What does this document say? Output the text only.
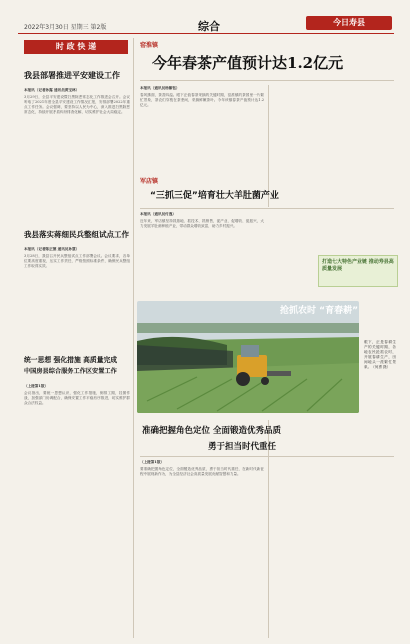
2022年3月30日 星期三 第2版	综合	今日寿县
时 政 快 递
我县部署推进平安建设工作
本报讯（记者孙露 通讯员黄宝林）
3月29日，全县平安建设暨扫黑除恶常态化工作推进会召开。会议听取了2021年度全县平安建设工作情况汇报，安排部署2022年重点工作任务。会议强调，要坚持以人民为中心，深入推进扫黑除恶常态化，持续开展矛盾纠纷排查化解，切实维护社会大局稳定。
我县落实蒋细民兵整组试点工作
本报讯（记者陈正德 通讯员孙慧）
3月28日，我县召开民兵整组试点工作部署会议。会议要求，各单位要高度重视，压实工作责任，严格按照标准条件，确保民兵整组工作取得实效。
统一思想 强化措施 高质量完成
中国房县综合服务工作区安置工作
（上接第1版）
会议指出，要统一思想认识，强化工作措施，倒排工期，挂图作战，加强部门协调配合，确保安置工作平稳有序推进，切实维护群众合法权益。
窑淮镇
今年春茶产值预计达1.2亿元
本报讯（通讯员杨紫钰）
春风拂面，茶香四溢。眼下正值春茶采摘的关键时期，窑淮镇的茶园里一片繁忙景象，茶农们穿梭在茶垄间，采摘鲜嫩茶叶。今年该镇春茶产值预计达1.2亿元。
军店镇
“三抓三促”培育壮大羊肚菌产业
本报讯（通讯员付逸）
近年来，军店镇坚持抓基地、抓技术、抓销售，促产业、促增收、促振兴，大力发展羊肚菌种植产业，带动群众增收致富，助力乡村振兴。
打造七大特色产业链 推动寿县高质量发展
抢抓农时 “育春耕”
眼下，正是春耕生产的关键时期，各地农民抢抓农时，开展春耕生产，田间地头一派繁忙景象。（何勇 摄）
准确把握角色定位 全面锻造优秀品质
勇于担当时代重任
（上接第1版）
要准确把握角色定位，全面锻造优秀品质，勇于担当时代重任，在新时代新征程中展现新作为，为全县经济社会高质量发展贡献智慧和力量。
